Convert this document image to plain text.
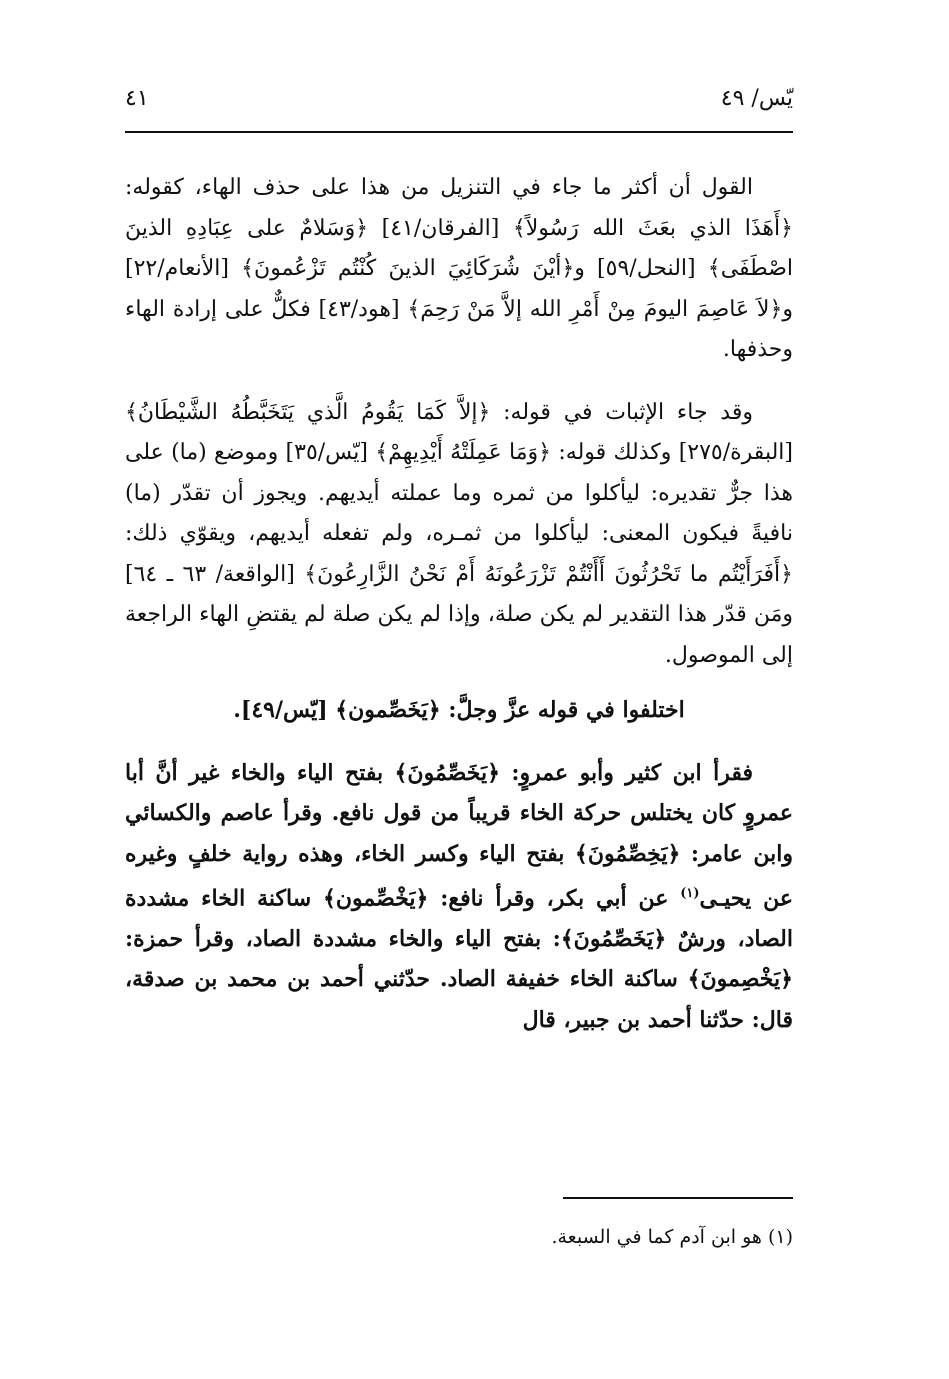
يّس/ ٤٩
٤١

القول أن أكثر ما جاء في التنزيل من هذا على حذف الهاء، كقوله: ﴿أَهَذَا الذي بعَثَ الله رَسُولاً﴾ [الفرقان/٤١] ﴿وَسَلامٌ على عِبَادِهِ الذينَ اصْطَفَى﴾ [النحل/٥٩] و﴿أيْنَ شُرَكَائِيَ الذينَ كُنْتُم تَزْعُمونَ﴾ [الأنعام/٢٢] و﴿لاَ عَاصِمَ اليومَ مِنْ أَمْرِ الله إلاَّ مَنْ رَحِمَ﴾ [هود/٤٣] فكلٌّ على إرادة الهاء وحذفها.

وقد جاء الإثبات في قوله: ﴿إلاَّ كَمَا يَقُومُ الَّذي يَتَخَبَّطُهُ الشَّيْطَانُ﴾ [البقرة/٢٧٥] وكذلك قوله: ﴿وَمَا عَمِلَتْهُ أَيْدِيهِمْ﴾ [يّس/٣٥] وموضع (ما) على هذا جرٌّ تقديره: ليأكلوا من ثمره وما عملته أيديهم. ويجوز أن تقدّر (ما) نافيةً فيكون المعنى: ليأكلوا من ثمـره، ولم تفعله أيديهم، ويقوّي ذلك: ﴿أَفَرَأَيْتُم ما تَحْرُثُونَ أَأَنْتُمْ تَزْرَعُونَهُ أَمْ نَحْنُ الزَّارِعُونَ﴾ [الواقعة/ ٦٣ ـ ٦٤] ومَن قدّر هذا التقدير لم يكن صلة، وإذا لم يكن صلة لم يقتضِ الهاء الراجعة إلى الموصول.

اختلفوا في قوله عزَّ وجلَّ: ﴿يَخَصِّمون﴾ [يّس/٤٩].

فقرأ ابن كثير وأبو عمروٍ: ﴿يَخَصِّمُونَ﴾ بفتح الياء والخاء غير أنَّ أبا عمروٍ كان يختلس حركة الخاء قريباً من قول نافع. وقرأ عاصم والكسائي وابن عامر: ﴿يَخِصِّمُونَ﴾ بفتح الياء وكسر الخاء، وهذه رواية خلفٍ وغيره عن يحيـى$^{(١)}$ عن أبي بكر، وقرأ نافع: ﴿يَخْصِّمون﴾ ساكنة الخاء مشددة الصاد، ورشٌ ﴿يَخَصِّمُونَ﴾: بفتح الياء والخاء مشددة الصاد، وقرأ حمزة: ﴿يَخْصِمونَ﴾ ساكنة الخاء خفيفة الصاد. حدّثني أحمد بن محمد بن صدقة، قال: حدّثنا أحمد بن جبير، قال

(١) هو ابن آدم كما في السبعة.
